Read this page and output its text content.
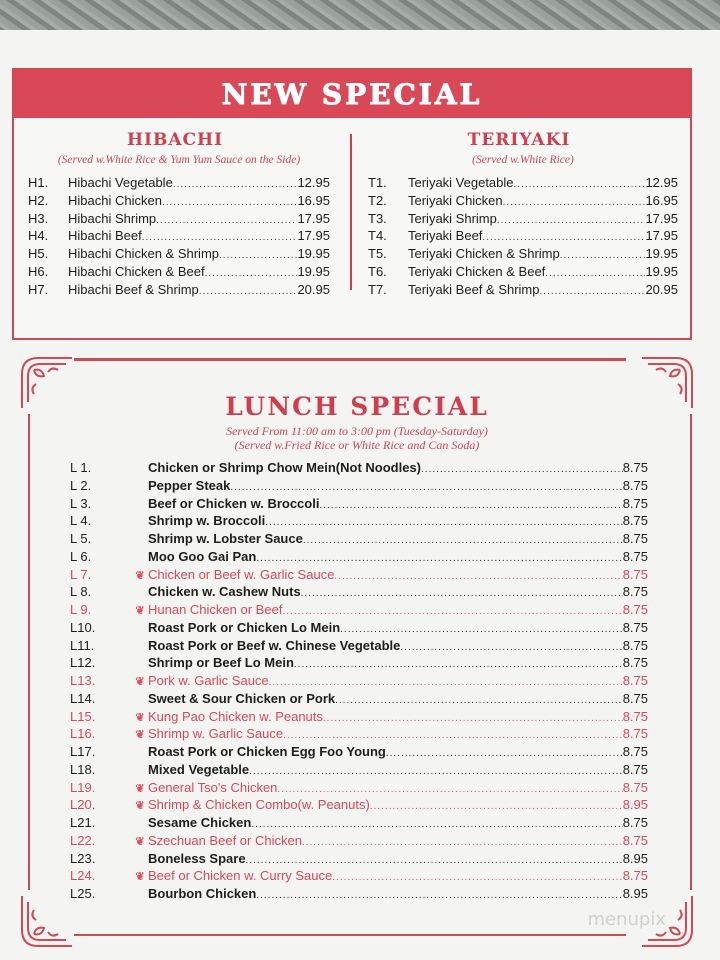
NEW SPECIAL
HIBACHI
(Served w.White Rice & Yum Yum Sauce on the Side)
H1.	Hibachi Vegetable .....	12.95
H2.	Hibachi Chicken .....	16.95
H3.	Hibachi Shrimp .....	17.95
H4.	Hibachi Beef .....	17.95
H5.	Hibachi Chicken & Shrimp .....	19.95
H6.	Hibachi Chicken & Beef .....	19.95
H7.	Hibachi Beef & Shrimp .....	20.95
TERIYAKI
(Served w.White Rice)
T1.	Teriyaki Vegetable .....	12.95
T2.	Teriyaki Chicken .....	16.95
T3.	Teriyaki Shrimp .....	17.95
T4.	Teriyaki Beef .....	17.95
T5.	Teriyaki Chicken & Shrimp .....	19.95
T6.	Teriyaki Chicken & Beef .....	19.95
T7.	Teriyaki Beef & Shrimp .....	20.95
LUNCH SPECIAL
Served From 11:00 am to 3:00 pm (Tuesday-Saturday)
(Served w.Fried Rice or White Rice and Can Soda)
L 1.	Chicken or Shrimp Chow Mein(Not Noodles) .....	8.75
L 2.	Pepper Steak .....	8.75
L 3.	Beef or Chicken w. Broccoli .....	8.75
L 4.	Shrimp w. Broccoli .....	8.75
L 5.	Shrimp w. Lobster Sauce .....	8.75
L 6.	Moo Goo Gai Pan .....	8.75
L 7.	❦ Chicken or Beef w. Garlic Sauce .....	8.75
L 8.	Chicken w. Cashew Nuts .....	8.75
L 9.	❦ Hunan Chicken or Beef .....	8.75
L10.	Roast Pork or Chicken Lo Mein .....	8.75
L11.	Roast Pork or Beef w. Chinese Vegetable .....	8.75
L12.	Shrimp or Beef Lo Mein .....	8.75
L13.	❦ Pork w. Garlic Sauce .....	8.75
L14.	Sweet & Sour Chicken or Pork .....	8.75
L15.	❦ Kung Pao Chicken w. Peanuts .....	8.75
L16.	❦ Shrimp w. Garlic Sauce .....	8.75
L17.	Roast Pork or Chicken Egg Foo Young .....	8.75
L18.	Mixed Vegetable .....	8.75
L19.	❦ General Tso's Chicken .....	8.75
L20.	❦ Shrimp & Chicken Combo(w. Peanuts) .....	8.95
L21.	Sesame Chicken .....	8.75
L22.	❦ Szechuan Beef or Chicken .....	8.75
L23.	Boneless Spare .....	8.95
L24.	❦ Beef or Chicken w. Curry Sauce .....	8.75
L25.	Bourbon Chicken .....	8.95
menupix
